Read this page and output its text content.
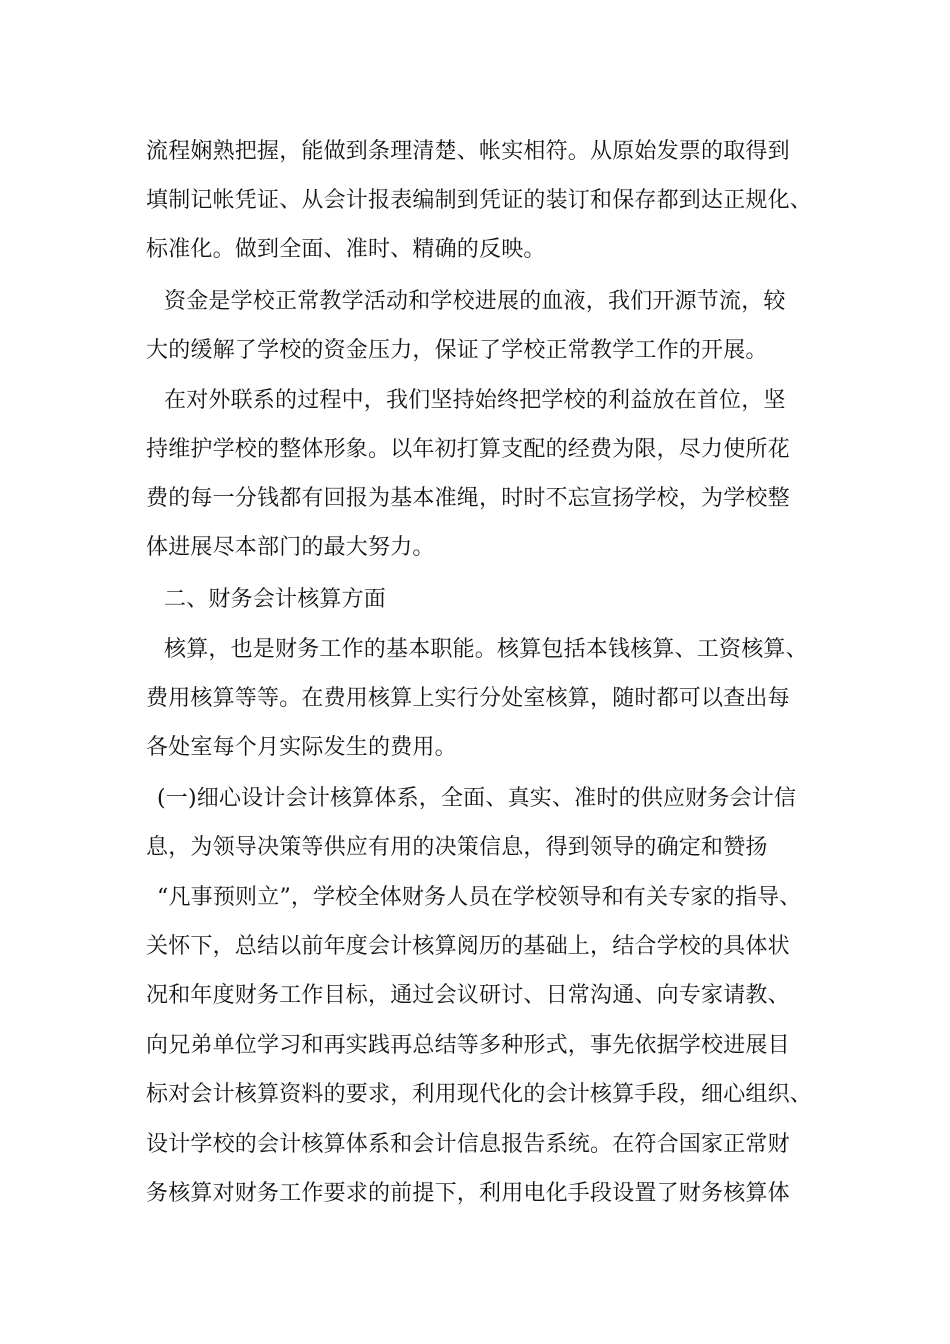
流程娴熟把握，能做到条理清楚、帐实相符。从原始发票的取得到
填制记帐凭证、从会计报表编制到凭证的装订和保存都到达正规化、
标准化。做到全面、准时、精确的反映。
资金是学校正常教学活动和学校进展的血液，我们开源节流，较
大的缓解了学校的资金压力，保证了学校正常教学工作的开展。
在对外联系的过程中，我们坚持始终把学校的利益放在首位，坚
持维护学校的整体形象。以年初打算支配的经费为限，尽力使所花
费的每一分钱都有回报为基本准绳，时时不忘宣扬学校，为学校整
体进展尽本部门的最大努力。
二、财务会计核算方面
核算，也是财务工作的基本职能。核算包括本钱核算、工资核算、
费用核算等等。在费用核算上实行分处室核算，随时都可以查出每
各处室每个月实际发生的费用。
(一)细心设计会计核算体系，全面、真实、准时的供应财务会计信
息，为领导决策等供应有用的决策信息，得到领导的确定和赞扬
“凡事预则立”，学校全体财务人员在学校领导和有关专家的指导、
关怀下，总结以前年度会计核算阅历的基础上，结合学校的具体状
况和年度财务工作目标，通过会议研讨、日常沟通、向专家请教、
向兄弟单位学习和再实践再总结等多种形式，事先依据学校进展目
标对会计核算资料的要求，利用现代化的会计核算手段，细心组织、
设计学校的会计核算体系和会计信息报告系统。在符合国家正常财
务核算对财务工作要求的前提下，利用电化手段设置了财务核算体
